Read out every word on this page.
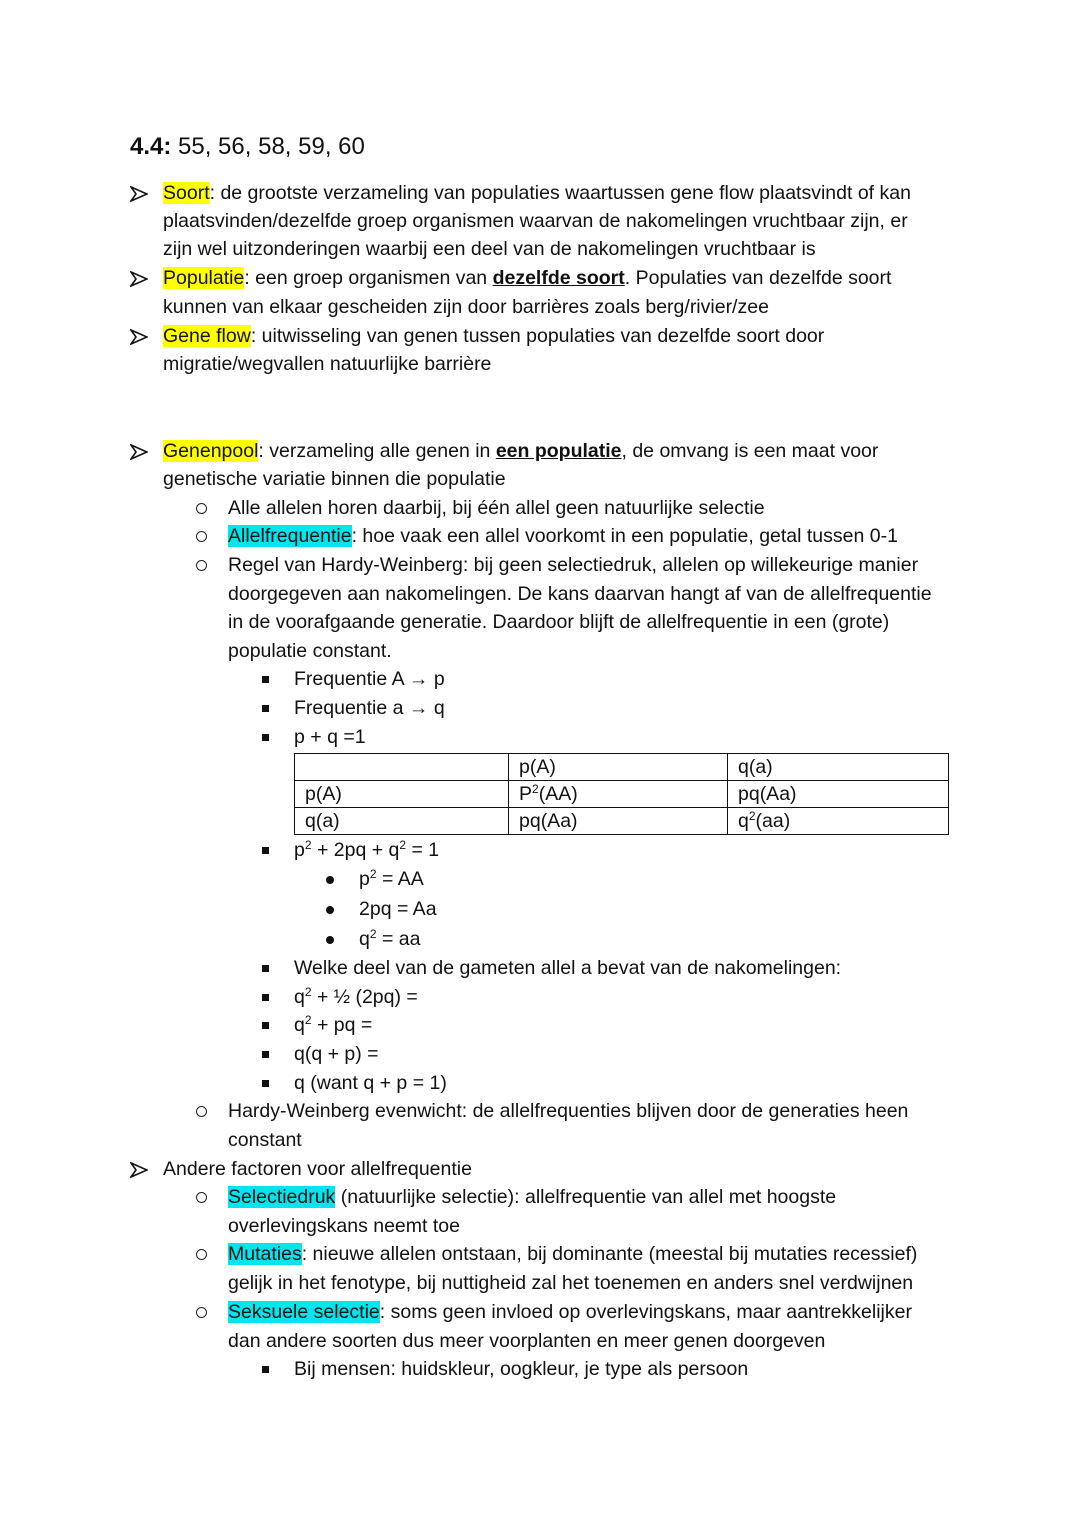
4.4: 55, 56, 58, 59, 60
Soort: de grootste verzameling van populaties waartussen gene flow plaatsvindt of kan
plaatsvinden/dezelfde groep organismen waarvan de nakomelingen vruchtbaar zijn, er
zijn wel uitzonderingen waarbij een deel van de nakomelingen vruchtbaar is
Populatie: een groep organismen van dezelfde soort. Populaties van dezelfde soort
kunnen van elkaar gescheiden zijn door barrières zoals berg/rivier/zee
Gene flow: uitwisseling van genen tussen populaties van dezelfde soort door
migratie/wegvallen natuurlijke barrière
Genenpool: verzameling alle genen in een populatie, de omvang is een maat voor
genetische variatie binnen die populatie
Alle allelen horen daarbij, bij één allel geen natuurlijke selectie
Allelfrequentie: hoe vaak een allel voorkomt in een populatie, getal tussen 0-1
Regel van Hardy-Weinberg: bij geen selectiedruk, allelen op willekeurige manier
doorgegeven aan nakomelingen. De kans daarvan hangt af van de allelfrequentie
in de voorafgaande generatie. Daardoor blijft de allelfrequentie in een (grote)
populatie constant.
Frequentie A → p
Frequentie a → q
p + q =1
	p(A)	q(a)
p(A)	$P^2(AA)$	pq(Aa)
q(a)	pq(Aa)	$q^2(aa)$
$p^2 + 2pq + q^2 = 1$
$p^2$ = AA
2pq = Aa
$q^2$ = aa
Welke deel van de gameten allel a bevat van de nakomelingen:
$q^2$ + ½ (2pq) =
$q^2$ + pq =
q(q + p) =
q (want q + p = 1)
Hardy-Weinberg evenwicht: de allelfrequenties blijven door de generaties heen
constant
Andere factoren voor allelfrequentie
Selectiedruk (natuurlijke selectie): allelfrequentie van allel met hoogste
overlevingskans neemt toe
Mutaties: nieuwe allelen ontstaan, bij dominante (meestal bij mutaties recessief)
gelijk in het fenotype, bij nuttigheid zal het toenemen en anders snel verdwijnen
Seksuele selectie: soms geen invloed op overlevingskans, maar aantrekkelijker
dan andere soorten dus meer voorplanten en meer genen doorgeven
Bij mensen: huidskleur, oogkleur, je type als persoon
